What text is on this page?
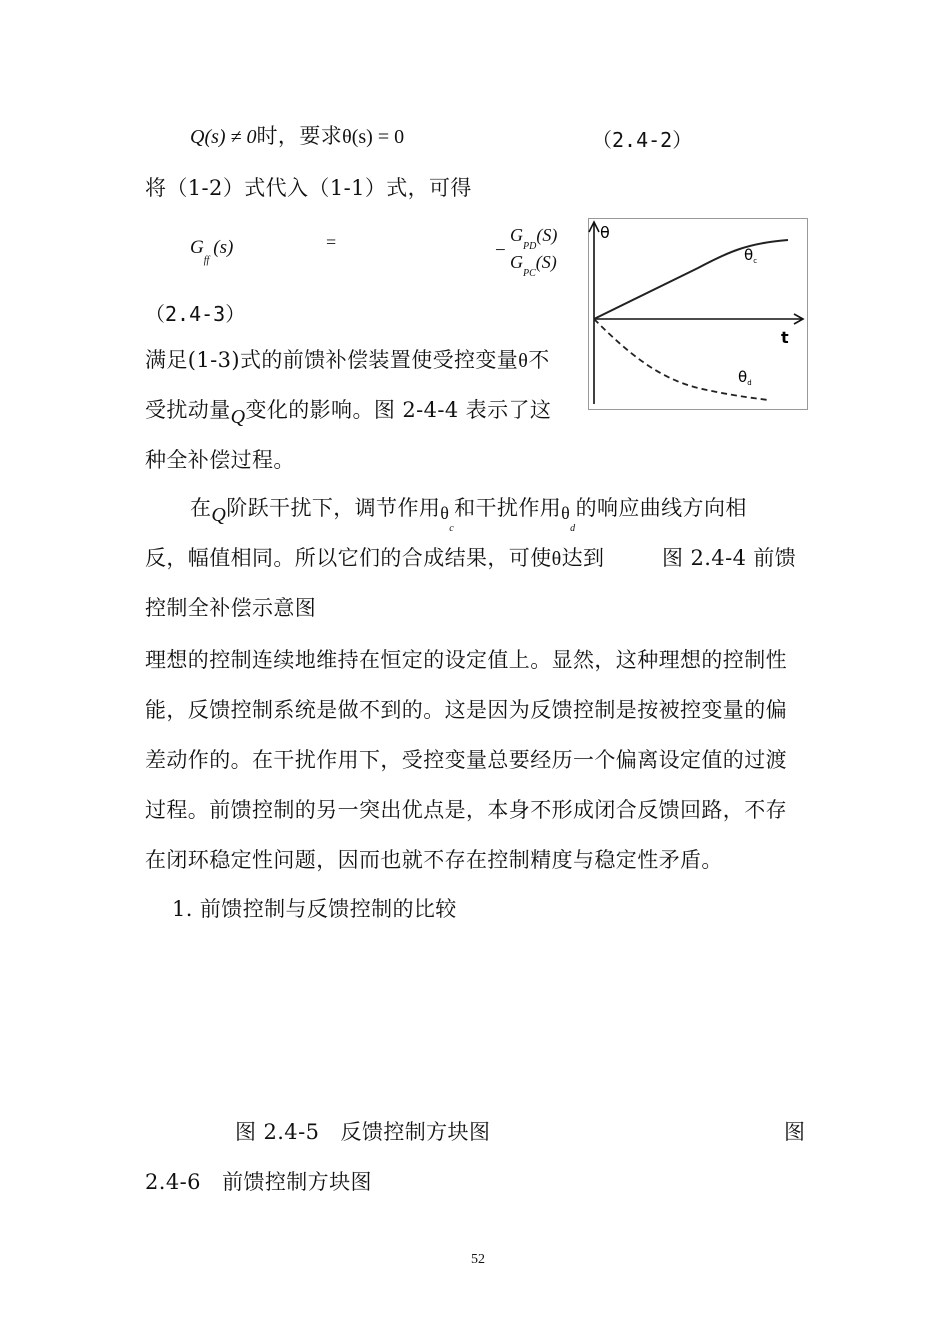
Q(s) ≠ 0时，要求θ(s) = 0	（2.4-2）
将（1-2）式代入（1-1）式，可得
$G_{ff}(s)$	=	−
$G_{PD}(S)$
$G_{PC}(S)$
（2.4-3）
满足(1-3)式的前馈补偿装置使受控变量θ不
受扰动量Q变化的影响。图 2-4-4 表示了这
种全补偿过程。
θ
t
$\theta_c$
$\theta_d$
在Q阶跃干扰下，调节作用$\theta_c$和干扰作用$\theta_d$的响应曲线方向相
反，幅值相同。所以它们的合成结果，可使θ达到	图 2.4-4 前馈
控制全补偿示意图
理想的控制连续地维持在恒定的设定值上。显然，这种理想的控制性
能，反馈控制系统是做不到的。这是因为反馈控制是按被控变量的偏
差动作的。在干扰作用下，受控变量总要经历一个偏离设定值的过渡
过程。前馈控制的另一突出优点是，本身不形成闭合反馈回路，不存
在闭环稳定性问题，因而也就不存在控制精度与稳定性矛盾。
1. 前馈控制与反馈控制的比较
图 2.4-5   反馈控制方块图	图
2.4-6   前馈控制方块图
52
